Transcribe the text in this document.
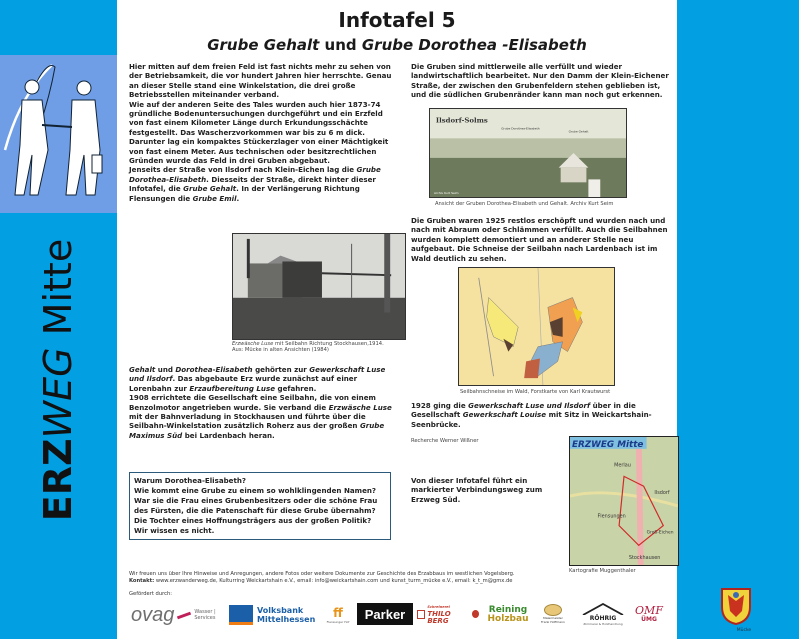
ERZWEG Mitte
Mücke
Infotafel 5
Grube Gehalt und Grube Dorothea -Elisabeth
Hier mitten auf dem freien Feld ist fast nichts mehr zu sehen von der Betriebsamkeit, die vor hundert Jahren hier herrschte. Genau an dieser Stelle stand eine Winkelstation, die drei große Betriebsstellen miteinander verband.
Wie auf der anderen Seite des Tales wurden auch hier 1873-74 gründliche Bodenuntersuchungen durchgeführt und ein Erzfeld von fast einem Kilometer Länge durch Erkundungsschächte festgestellt. Das Wascherzvorkommen war bis zu 6 m dick. Darunter lag ein kompaktes Stückerzlager von einer Mächtigkeit von fast einem Meter. Aus technischen oder besitzrechtlichen Gründen wurde das Feld in drei Gruben abgebaut.
Jenseits der Straße von Ilsdorf nach Klein-Eichen lag die Grube Dorothea-Elisabeth. Diesseits der Straße, direkt hinter dieser Infotafel, die Grube Gehalt. In der Verlängerung Richtung Flensungen die Grube Emil.
Erzwäsche Luse mit Seilbahn Richtung Stockhausen,1914.
Aus: Mücke in alten Ansichten (1984)
Gehalt und Dorothea-Elisabeth gehörten zur Gewerkschaft Luse und Ilsdorf. Das abgebaute Erz wurde zunächst auf einer Lorenbahn zur Erzaufbereitung Luse gefahren.
1908 errichtete die Gesellschaft eine Seilbahn, die von einem Benzolmotor angetrieben wurde. Sie verband die Erzwäsche Luse mit der Bahnverladung in Stockhausen und führte über die Seilbahn-Winkelstation zusätzlich Roherz aus der großen Grube Maximus Süd bei Lardenbach heran.
Warum Dorothea-Elisabeth?
Wie kommt eine Grube zu einem so wohlklingenden Namen? War sie die Frau eines Grubenbesitzers oder die schöne Frau des Fürsten, die die Patenschaft für diese Grube übernahm? Die Tochter eines Hoffnungsträgers aus der großen Politik? Wir wissen es nicht.
Die Gruben sind mittlerweile alle verfüllt und wieder landwirtschaftlich bearbeitet. Nur den Damm der Klein-Eichener Straße, der zwischen den Grubenfeldern stehen geblieben ist, und die südlichen Grubenränder kann man noch gut erkennen.
Ilsdorf-Solms
Grube Dorothea-Elisabeth
Grube Gehalt
Archiv Kurt Seim
Ansicht der Gruben Dorothea-Elisabeth und Gehalt. Archiv Kurt Seim
Die Gruben waren 1925 restlos erschöpft und wurden nach und nach mit Abraum oder Schlämmen verfüllt. Auch die Seilbahnen wurden komplett demontiert und an anderer Stelle neu aufgebaut. Die Schneise der Seilbahn nach Lardenbach ist im Wald deutlich zu sehen.
Seilbahnschneise im Wald, Forstkarte von Karl Krautwurst
1928 ging die Gewerkschaft Luse und Ilsdorf über in die Gesellschaft Gewerkschaft Louise mit Sitz in Weickartshain-Seenbrücke.
Recherche Werner Wißner
Von dieser Infotafel führt ein markierter Verbindungsweg zum Erzweg Süd.
ERZWEG Mitte
Merlau
Ilsdorf
Flensungen
Groß-Eichen
Stockhausen
Kartografie Muggenthaler
Wir freuen uns über Ihre Hinweise und Anregungen, andere Fotos oder weitere Dokumente zur Geschichte des Erzabbaus im westlichen Vogelsberg.
Kontakt: www.erzwanderweg.de, Kulturring Weickartshain e.V., email: info@weickartshain.com und kunst_turm_mücke e.V., email: k_t_m@gmx.de
Gefördert durch:
ovag	Wasser |
Services
Volksbank
Mittelhessen ff
Flensunger Hof
Parker	Schreinerei
THILO BERG
Reining
Holzbau	Malermeister
Frank Hoffmann
RÖHRIG
Zimmerei & Holzhandlung
OMF
ÜMG
